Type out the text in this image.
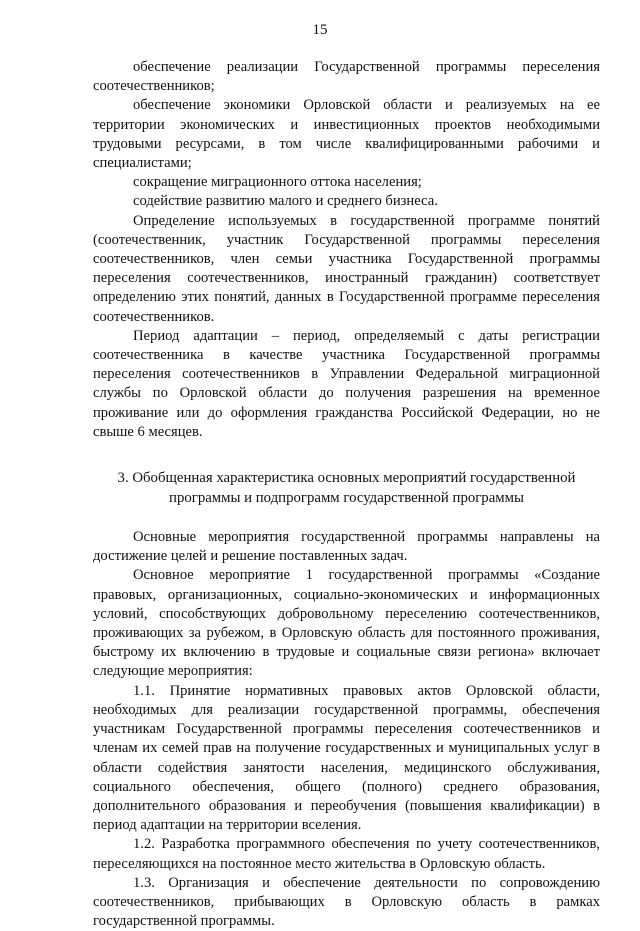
15

обеспечение реализации Государственной программы переселения соотечественников;

обеспечение экономики Орловской области и реализуемых на ее территории экономических и инвестиционных проектов необходимыми трудовыми ресурсами, в том числе квалифицированными рабочими и специалистами;

сокращение миграционного оттока населения;

содействие развитию малого и среднего бизнеса.

Определение используемых в государственной программе понятий (соотечественник, участник Государственной программы переселения соотечественников, член семьи участника Государственной программы переселения соотечественников, иностранный гражданин) соответствует определению этих понятий, данных в Государственной программе переселения соотечественников.

Период адаптации – период, определяемый с даты регистрации соотечественника в качестве участника Государственной программы переселения соотечественников в Управлении Федеральной миграционной службы по Орловской области до получения разрешения на временное проживание или до оформления гражданства Российской Федерации, но не свыше 6 месяцев.

3. Обобщенная характеристика основных мероприятий государственной
программы и подпрограмм государственной программы

Основные мероприятия государственной программы направлены на достижение целей и решение поставленных задач.

Основное мероприятие 1 государственной программы «Создание правовых, организационных, социально-экономических и информационных условий, способствующих добровольному переселению соотечественников, проживающих за рубежом, в Орловскую область для постоянного проживания, быстрому их включению в трудовые и социальные связи региона» включает следующие мероприятия:

1.1. Принятие нормативных правовых актов Орловской области, необходимых для реализации государственной программы, обеспечения участникам Государственной программы переселения соотечественников и членам их семей прав на получение государственных и муниципальных услуг в области содействия занятости населения, медицинского обслуживания, социального обеспечения, общего (полного) среднего образования, дополнительного образования и переобучения (повышения квалификации) в период адаптации на территории вселения.

1.2. Разработка программного обеспечения по учету соотечественников, переселяющихся на постоянное место жительства в Орловскую область.

1.3. Организация и обеспечение деятельности по сопровождению соотечественников, прибывающих в Орловскую область в рамках государственной программы.
